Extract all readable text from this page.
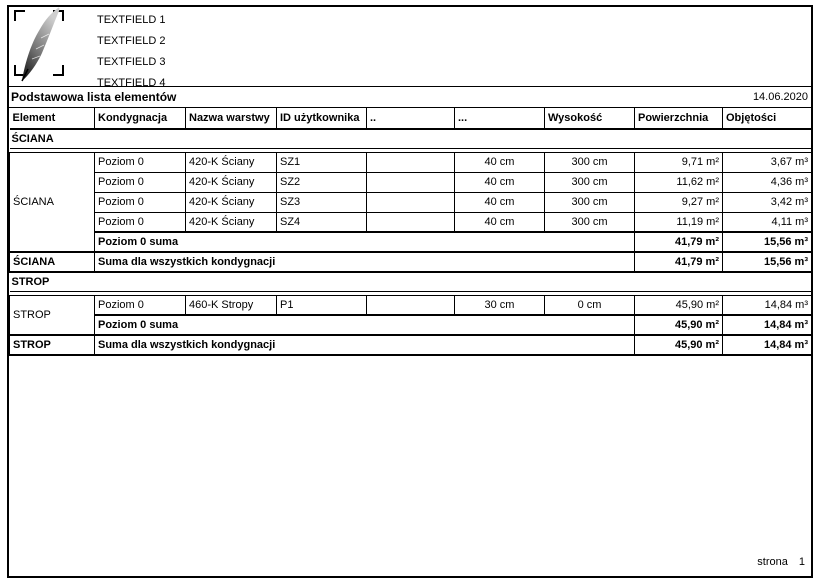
TEXTFIELD 1
TEXTFIELD 2
TEXTFIELD 3
TEXTFIELD 4
Podstawowa lista elementów	14.06.2020
Element	Kondygnacja	Nazwa warstwy	ID użytkownika	..	...	Wysokość	Powierzchnia	Objętości
ŚCIANA								

ŚCIANA	Poziom 0	420-K Ściany	SZ1		40 cm	300 cm	9,71 m²	3,67 m³
	Poziom 0	420-K Ściany	SZ2		40 cm	300 cm	11,62 m²	4,36 m³
	Poziom 0	420-K Ściany	SZ3		40 cm	300 cm	9,27 m²	3,42 m³
	Poziom 0	420-K Ściany	SZ4		40 cm	300 cm	11,19 m²	4,11 m³
	Poziom 0 suma						41,79 m²	15,56 m³
ŚCIANA	Suma dla wszystkich kondygnacji						41,79 m²	15,56 m³
STROP								

STROP	Poziom 0	460-K Stropy	P1		30 cm	0 cm	45,90 m²	14,84 m³
	Poziom 0 suma						45,90 m²	14,84 m³
STROP	Suma dla wszystkich kondygnacji						45,90 m²	14,84 m³
strona 1
